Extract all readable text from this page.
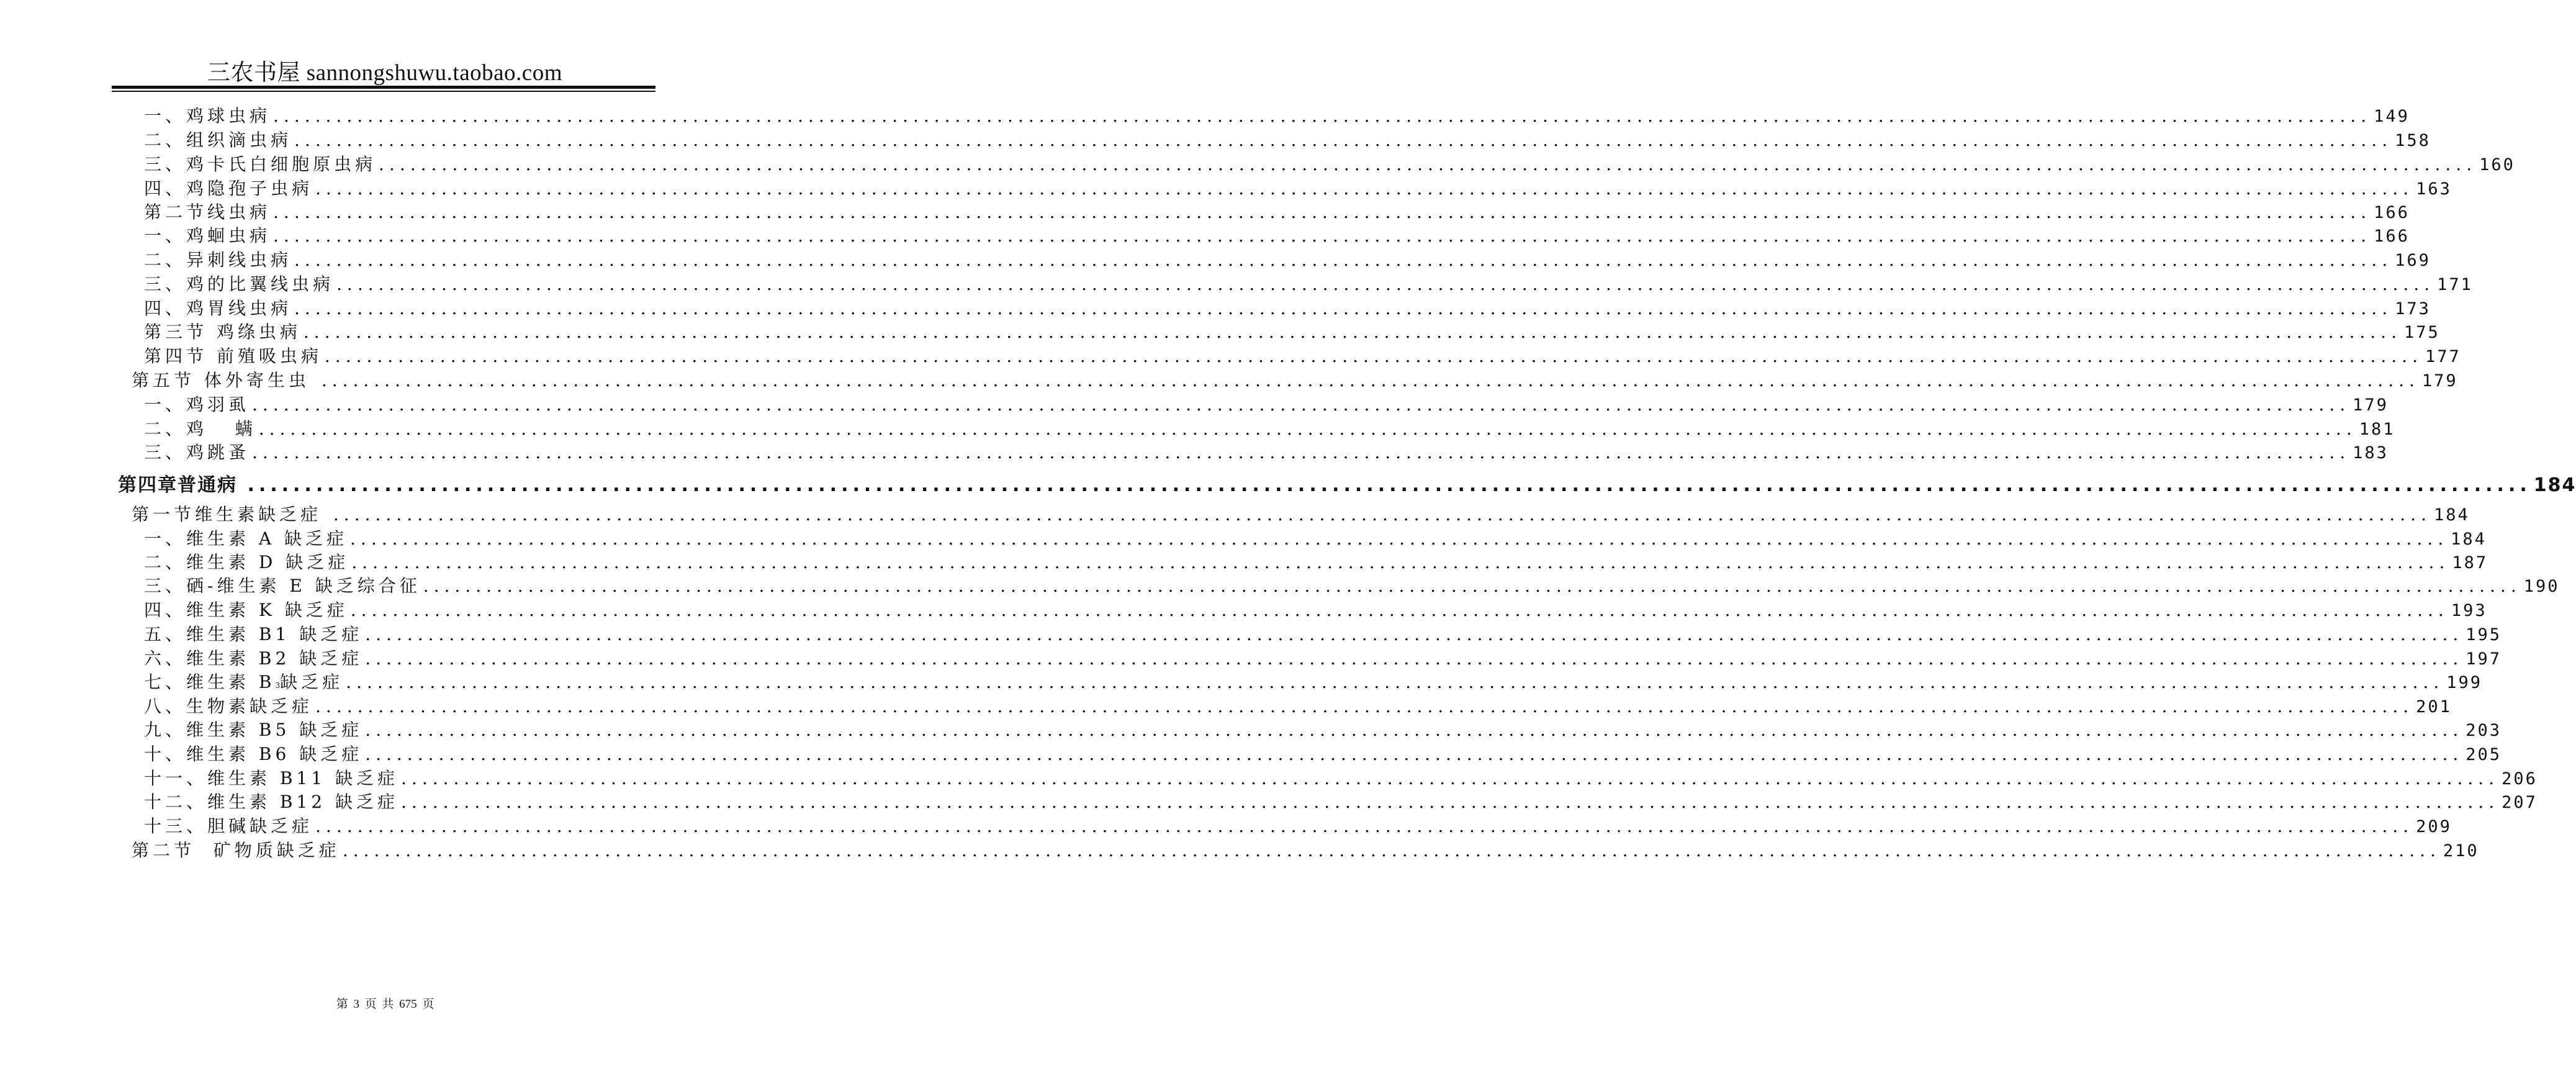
三农书屋 sannongshuwu.taobao.com
一、鸡球虫病 ........................................................................................................................................................................................................ 149
二、组织滴虫病 ........................................................................................................................................................................................................ 158
三、鸡卡氏白细胞原虫病 ........................................................................................................................................................................................................ 160
四、鸡隐孢子虫病 ........................................................................................................................................................................................................ 163
第二节线虫病 ........................................................................................................................................................................................................ 166
一、鸡蛔虫病 ........................................................................................................................................................................................................ 166
二、异刺线虫病 ........................................................................................................................................................................................................ 169
三、鸡的比翼线虫病 ........................................................................................................................................................................................................ 171
四、鸡胃线虫病 ........................................................................................................................................................................................................ 173
第三节 鸡绦虫病 ........................................................................................................................................................................................................ 175
第四节 前殖吸虫病 ........................................................................................................................................................................................................ 177
第五节 体外寄生虫 ........................................................................................................................................................................................................ 179
一、鸡羽虱 ........................................................................................................................................................................................................ 179
二、鸡   螨 ........................................................................................................................................................................................................ 181
三、鸡跳蚤 ........................................................................................................................................................................................................ 183
第四章普通病 ........................................................................................................................................................................................................ 184
第一节维生素缺乏症 ........................................................................................................................................................................................................ 184
一、维生素 A 缺乏症 ........................................................................................................................................................................................................ 184
二、维生素 D 缺乏症 ........................................................................................................................................................................................................ 187
三、硒-维生素 E 缺乏综合征 ........................................................................................................................................................................................................ 190
四、维生素 K 缺乏症 ........................................................................................................................................................................................................ 193
五、维生素 B1 缺乏症 ........................................................................................................................................................................................................ 195
六、维生素 B2 缺乏症 ........................................................................................................................................................................................................ 197
七、维生素 $B_3$ 缺乏症 ........................................................................................................................................................................................................ 199
八、生物素缺乏症 ........................................................................................................................................................................................................ 201
九、维生素 B5 缺乏症 ........................................................................................................................................................................................................ 203
十、维生素 B6 缺乏症 ........................................................................................................................................................................................................ 205
十一、维生素 B11 缺乏症 ........................................................................................................................................................................................................ 206
十二、维生素 B12 缺乏症 ........................................................................................................................................................................................................ 207
十三、胆碱缺乏症 ........................................................................................................................................................................................................ 209
第二节  矿物质缺乏症 ........................................................................................................................................................................................................ 210
第 3 页 共 675 页
